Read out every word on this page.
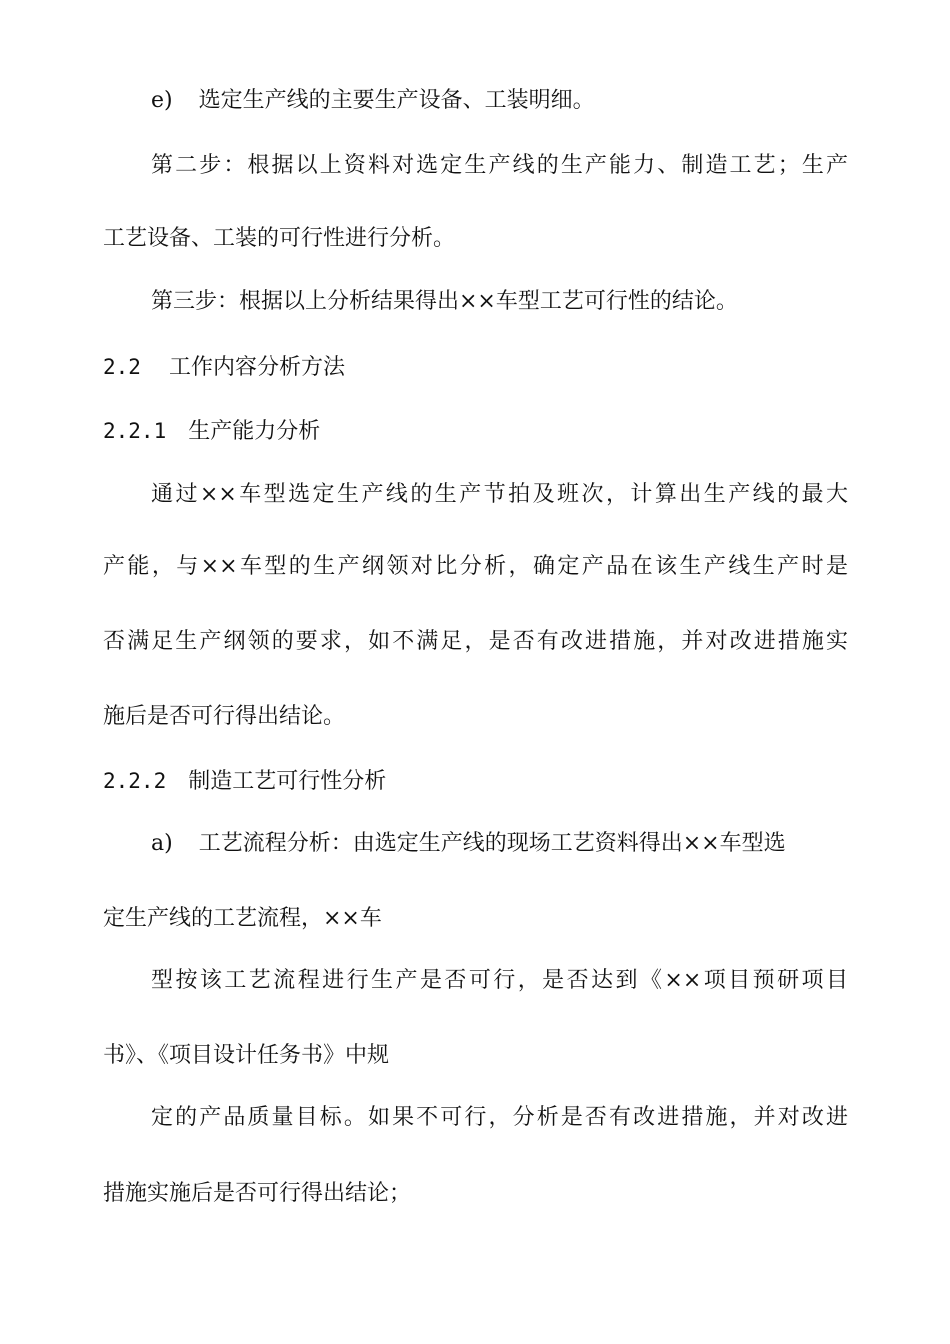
e) 选定生产线的主要生产设备、工装明细。
第二步：根据以上资料对选定生产线的生产能力、制造工艺；生产
工艺设备、工装的可行性进行分析。
第三步：根据以上分析结果得出××车型工艺可行性的结论。
2.2 工作内容分析方法
2.2.1 生产能力分析
通过××车型选定生产线的生产节拍及班次，计算出生产线的最大
产能，与××车型的生产纲领对比分析，确定产品在该生产线生产时是
否满足生产纲领的要求，如不满足，是否有改进措施，并对改进措施实
施后是否可行得出结论。
2.2.2 制造工艺可行性分析
a) 工艺流程分析：由选定生产线的现场工艺资料得出××车型选
定生产线的工艺流程，××车
型按该工艺流程进行生产是否可行，是否达到《××项目预研项目
书》、《项目设计任务书》中规
定的产品质量目标。如果不可行，分析是否有改进措施，并对改进
措施实施后是否可行得出结论；
